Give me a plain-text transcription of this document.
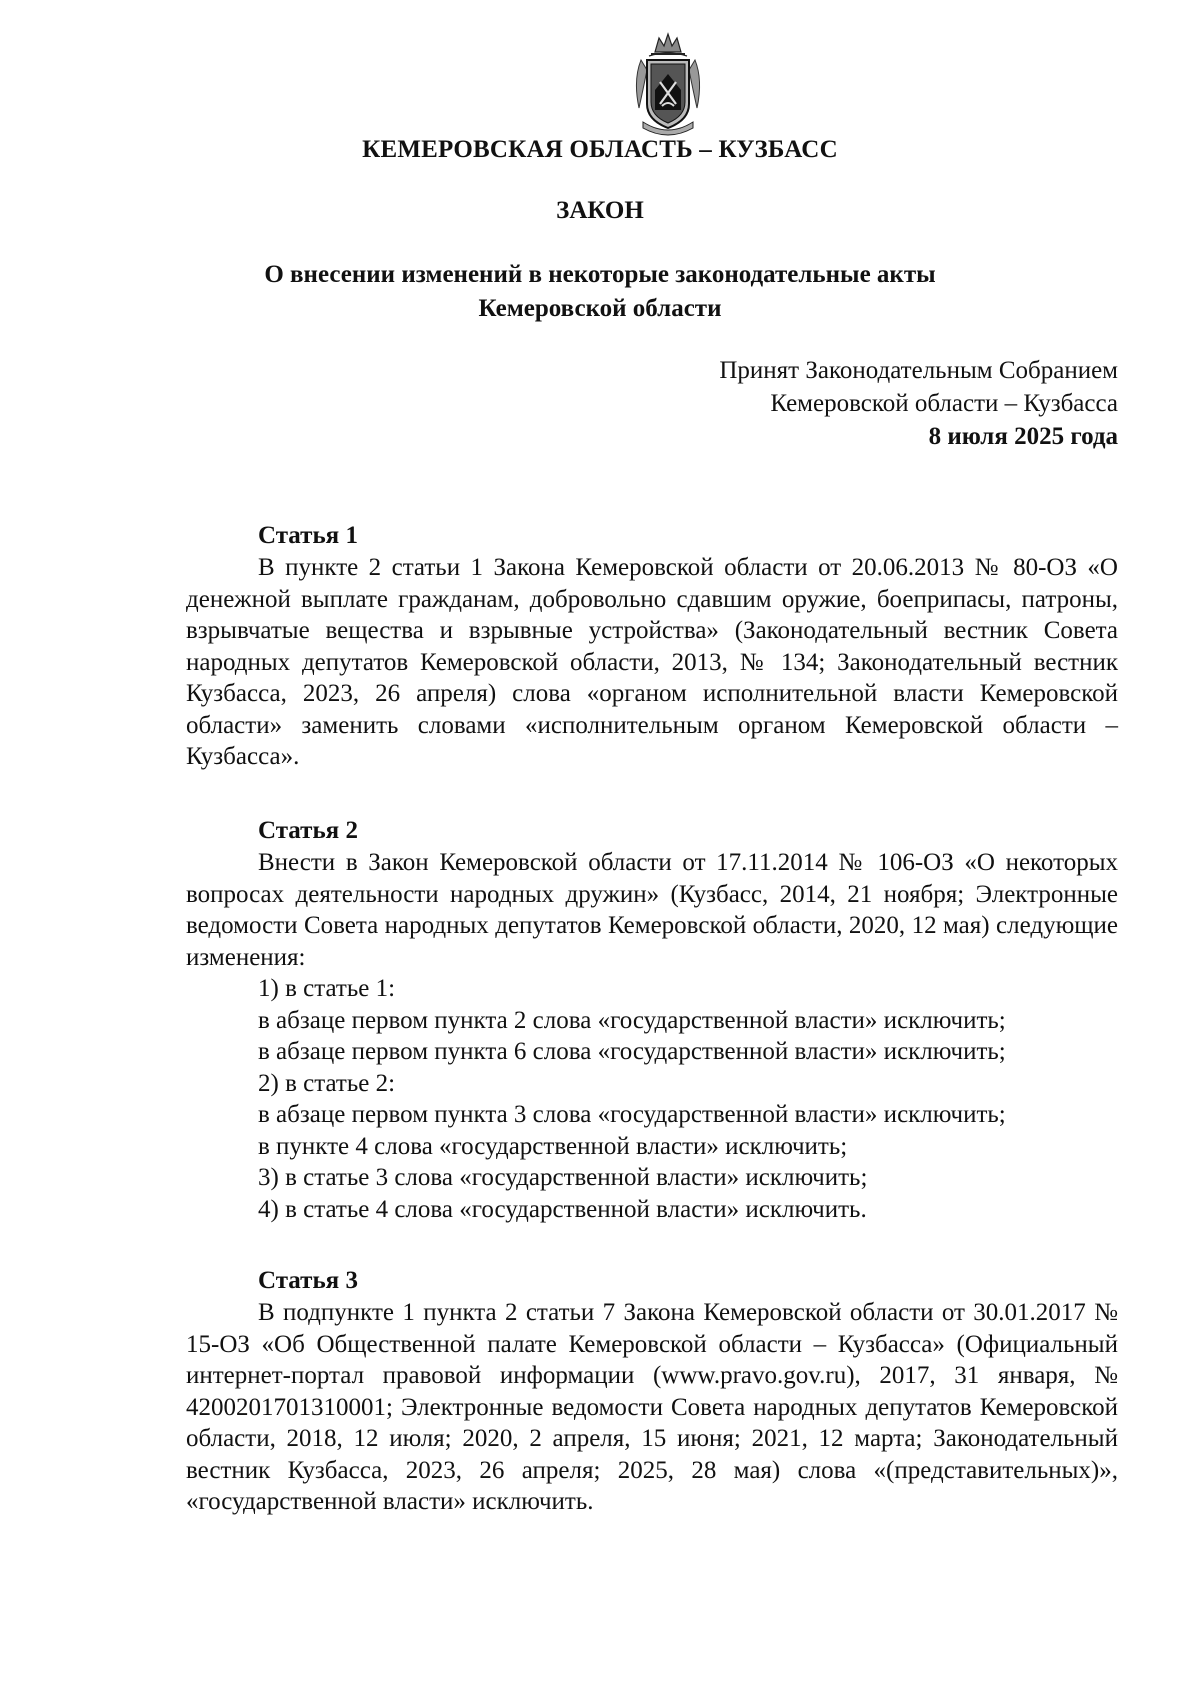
КЕМЕРОВСКАЯ ОБЛАСТЬ – КУЗБАСС
ЗАКОН
О внесении изменений в некоторые законодательные акты
Кемеровской области
Принят Законодательным Собранием
Кемеровской области – Кузбасса
8 июля 2025 года
Статья 1

В пункте 2 статьи 1 Закона Кемеровской области от 20.06.2013 № 80-ОЗ «О денежной выплате гражданам, добровольно сдавшим оружие, боеприпасы, патроны, взрывчатые вещества и взрывные устройства» (Законодательный вестник Совета народных депутатов Кемеровской области, 2013, № 134; Законодательный вестник Кузбасса, 2023, 26 апреля) слова «органом исполнительной власти Кемеровской области» заменить словами «исполнительным органом Кемеровской области – Кузбасса».

Статья 2

Внести в Закон Кемеровской области от 17.11.2014 № 106-ОЗ «О некоторых вопросах деятельности народных дружин» (Кузбасс, 2014, 21 ноября; Электронные ведомости Совета народных депутатов Кемеровской области, 2020, 12 мая) следующие изменения:

1) в статье 1:
в абзаце первом пункта 2 слова «государственной власти» исключить;
в абзаце первом пункта 6 слова «государственной власти» исключить;
2) в статье 2:
в абзаце первом пункта 3 слова «государственной власти» исключить;
в пункте 4 слова «государственной власти» исключить;
3) в статье 3 слова «государственной власти» исключить;
4) в статье 4 слова «государственной власти» исключить.
Статья 3

В подпункте 1 пункта 2 статьи 7 Закона Кемеровской области от 30.01.2017 № 15-ОЗ «Об Общественной палате Кемеровской области – Кузбасса» (Официальный интернет-портал правовой информации (www.pravo.gov.ru), 2017, 31 января, № 4200201701310001; Электронные ведомости Совета народных депутатов Кемеровской области, 2018, 12 июля; 2020, 2 апреля, 15 июня; 2021, 12 марта; Законодательный вестник Кузбасса, 2023, 26 апреля; 2025, 28 мая) слова «(представительных)», «государственной власти» исключить.
